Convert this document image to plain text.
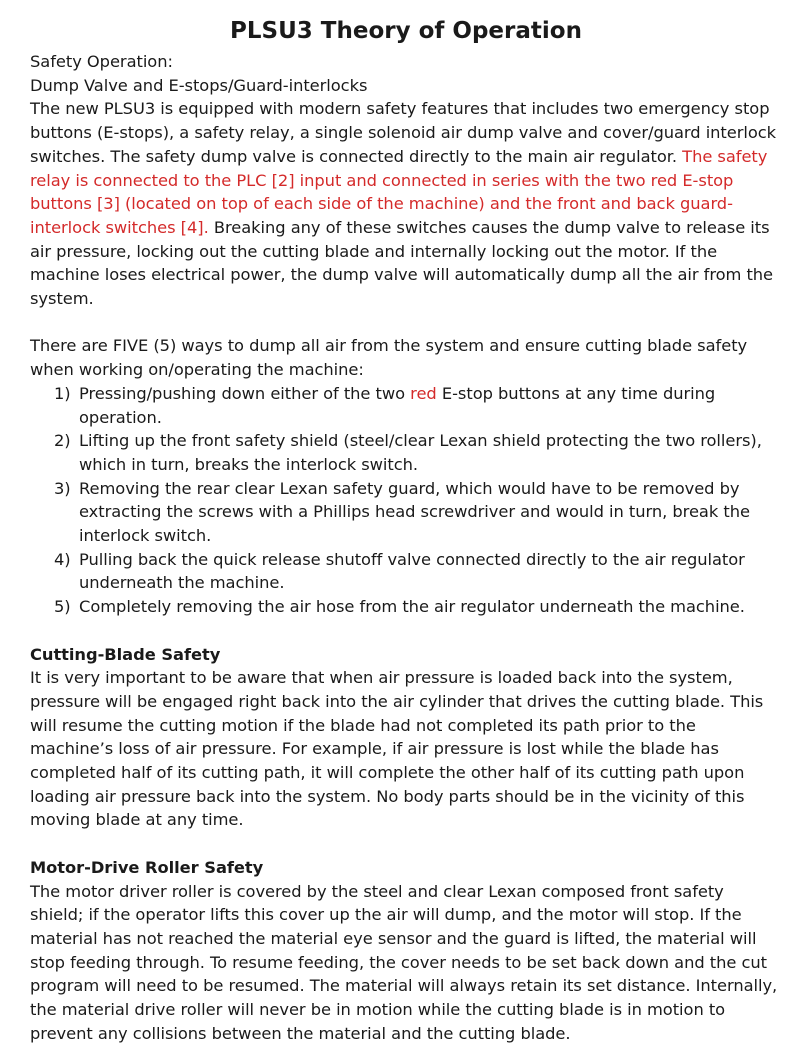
PLSU3 Theory of Operation
Safety Operation:
Dump Valve and E-stops/Guard-interlocks

The new PLSU3 is equipped with modern safety features that includes two emergency stop buttons (E-stops), a safety relay, a single solenoid air dump valve and cover/guard interlock switches. The safety dump valve is connected directly to the main air regulator. The safety relay is connected to the PLC [2] input and connected in series with the two red E-stop buttons [3] (located on top of each side of the machine) and the front and back guard-interlock switches [4]. Breaking any of these switches causes the dump valve to release its air pressure, locking out the cutting blade and internally locking out the motor. If the machine loses electrical power, the dump valve will automatically dump all the air from the system.

There are FIVE (5) ways to dump all air from the system and ensure cutting blade safety when working on/operating the machine:

1) Pressing/pushing down either of the two red E-stop buttons at any time during operation.
2) Lifting up the front safety shield (steel/clear Lexan shield protecting the two rollers), which in turn, breaks the interlock switch.
3) Removing the rear clear Lexan safety guard, which would have to be removed by extracting the screws with a Phillips head screwdriver and would in turn, break the interlock switch.
4) Pulling back the quick release shutoff valve connected directly to the air regulator underneath the machine.
5) Completely removing the air hose from the air regulator underneath the machine.
Cutting-Blade Safety

It is very important to be aware that when air pressure is loaded back into the system, pressure will be engaged right back into the air cylinder that drives the cutting blade. This will resume the cutting motion if the blade had not completed its path prior to the machine’s loss of air pressure. For example, if air pressure is lost while the blade has completed half of its cutting path, it will complete the other half of its cutting path upon loading air pressure back into the system. No body parts should be in the vicinity of this moving blade at any time.

Motor-Drive Roller Safety

The motor driver roller is covered by the steel and clear Lexan composed front safety shield; if the operator lifts this cover up the air will dump, and the motor will stop. If the material has not reached the material eye sensor and the guard is lifted, the material will stop feeding through. To resume feeding, the cover needs to be set back down and the cut program will need to be resumed. The material will always retain its set distance. Internally, the material drive roller will never be in motion while the cutting blade is in motion to prevent any collisions between the material and the cutting blade.
